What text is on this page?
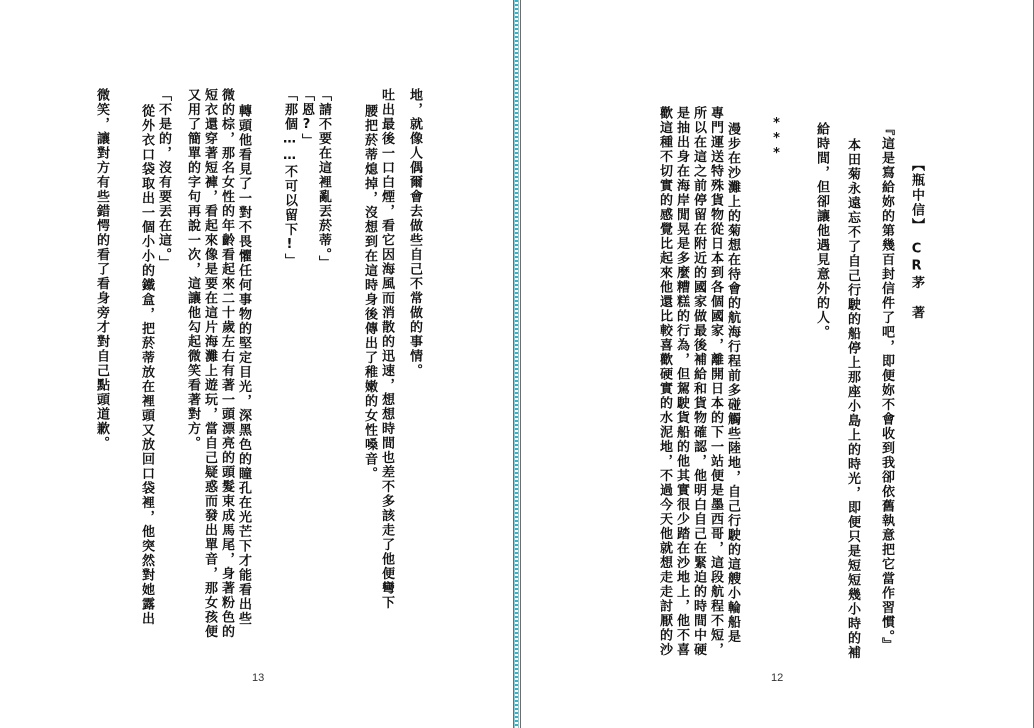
地，就像人偶爾會去做些自己不常做的事情。
吐出最後一口白煙，看它因海風而消散的迅速，想想時間也差不多該走了他便彎下
腰把菸蒂熄掉，沒想到在這時身後傳出了稚嫩的女性嗓音。
「請不要在這裡亂丟菸蒂。」
「恩?」
「那個……不可以留下!」
轉頭他看見了一對不畏懼任何事物的堅定目光，深黑色的瞳孔在光芒下才能看出些
微的棕，那名女性的年齡看起來二十歲左右有著一頭漂亮的頭髮束成馬尾，身著粉色的
短衣還穿著短褲，看起來像是要在這片海灘上遊玩，當自己疑惑而發出單音，那女孩便
又用了簡單的字句再說一次，這讓他勾起微笑看著對方。
「不是的，沒有要丟在這。」
從外衣口袋取出一個小小的鐵盒，把菸蒂放在裡頭又放回口袋裡，他突然對她露出
微笑，讓對方有些錯愕的看了看身旁才對自己點頭道歉。
13
【瓶中信】　CR茅　著
『這是寫給妳的第幾百封信件了吧，即便妳不會收到我卻依舊執意把它當作習慣。』
本田菊永遠忘不了自己行駛的船停上那座小島上的時光，即便只是短短幾小時的補
給時間，但卻讓他遇見意外的人。
***
漫步在沙灘上的菊想在待會的航海行程前多碰觸些陸地，自己行駛的這艘小輪船是
專門運送特殊貨物從日本到各個國家，離開日本的下一站便是墨西哥，這段航程不短，
所以在這之前停留在附近的國家做最後補給和貨物確認，他明白自己在緊迫的時間中硬
是抽出身在海岸閒晃是多麼糟糕的行為，但駕駛貨船的他其實很少踏在沙地上，他不喜
歡這種不切實的感覺比起來他還比較喜歡硬實的水泥地，不過今天他就想走走討厭的沙
12
